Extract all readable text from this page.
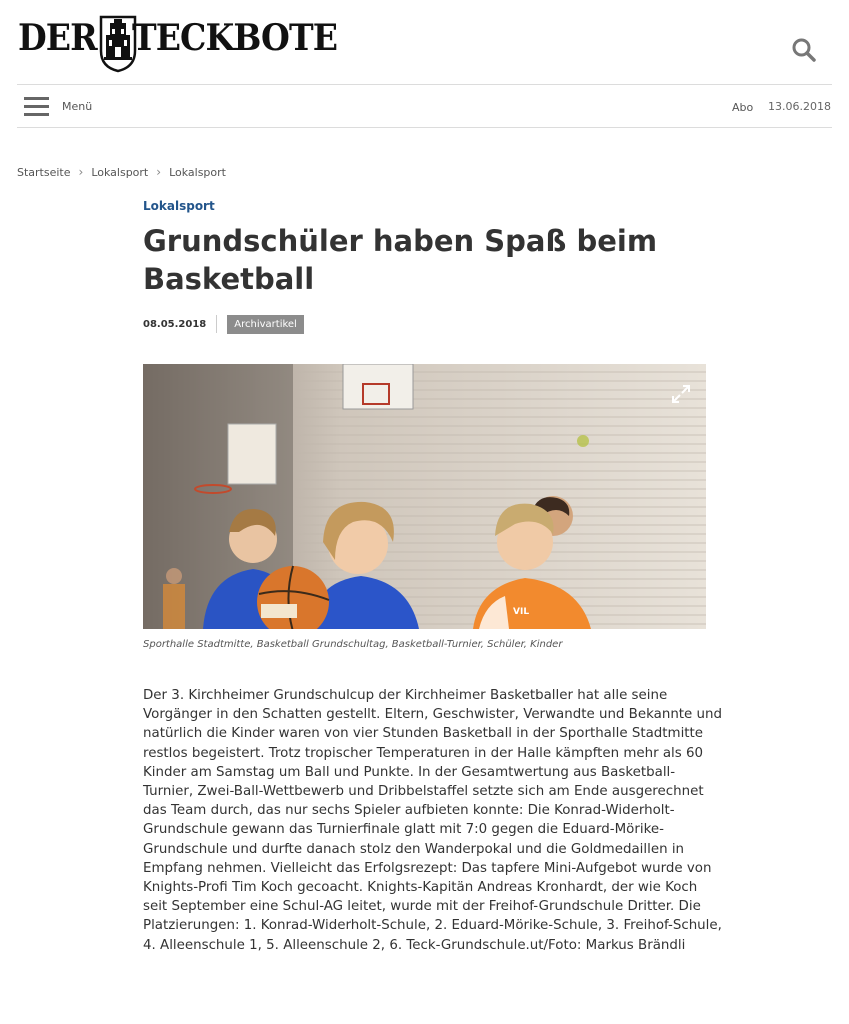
DER TECKBOTE
Menü	Abo 13.06.2018
Startseite › Lokalsport › Lokalsport
Lokalsport
Grundschüler haben Spaß beim Basketball
08.05.2018	Archivartikel
VIL
Sporthalle Stadtmitte, Basketball Grundschultag, Basketball-Turnier, Schüler, Kinder

Der 3. Kirchheimer Grundschulcup der Kirchheimer Basketballer hat alle seine Vorgänger in den Schatten gestellt. Eltern, Geschwister, Verwandte und Bekannte und natürlich die Kinder waren von vier Stunden Basketball in der Sporthalle Stadtmitte restlos begeistert. Trotz tropischer Temperaturen in der Halle kämpften mehr als 60 Kinder am Samstag um Ball und Punkte. In der Gesamtwertung aus Basketball-Turnier, Zwei-Ball-Wettbewerb und Dribbelstaffel setzte sich am Ende ausgerechnet das Team durch, das nur sechs Spieler aufbieten konnte: Die Konrad-Widerholt-Grundschule gewann das Turnierfinale glatt mit 7:0 gegen die Eduard-Mörike-Grundschule und durfte danach stolz den Wanderpokal und die Goldmedaillen in Empfang nehmen. Vielleicht das Erfolgsrezept: Das tapfere Mini-Aufgebot wurde von Knights-Profi Tim Koch gecoacht. Knights-Kapitän Andreas Kronhardt, der wie Koch seit September eine Schul-AG leitet, wurde mit der Freihof-Grundschule Dritter. Die Platzierungen: 1. Konrad-Widerholt-Schule, 2. Eduard-Mörike-Schule, 3. Freihof-Schule, 4. Alleenschule 1, 5. Alleenschule 2, 6. Teck-Grundschule.ut/Foto: Markus Brändli
